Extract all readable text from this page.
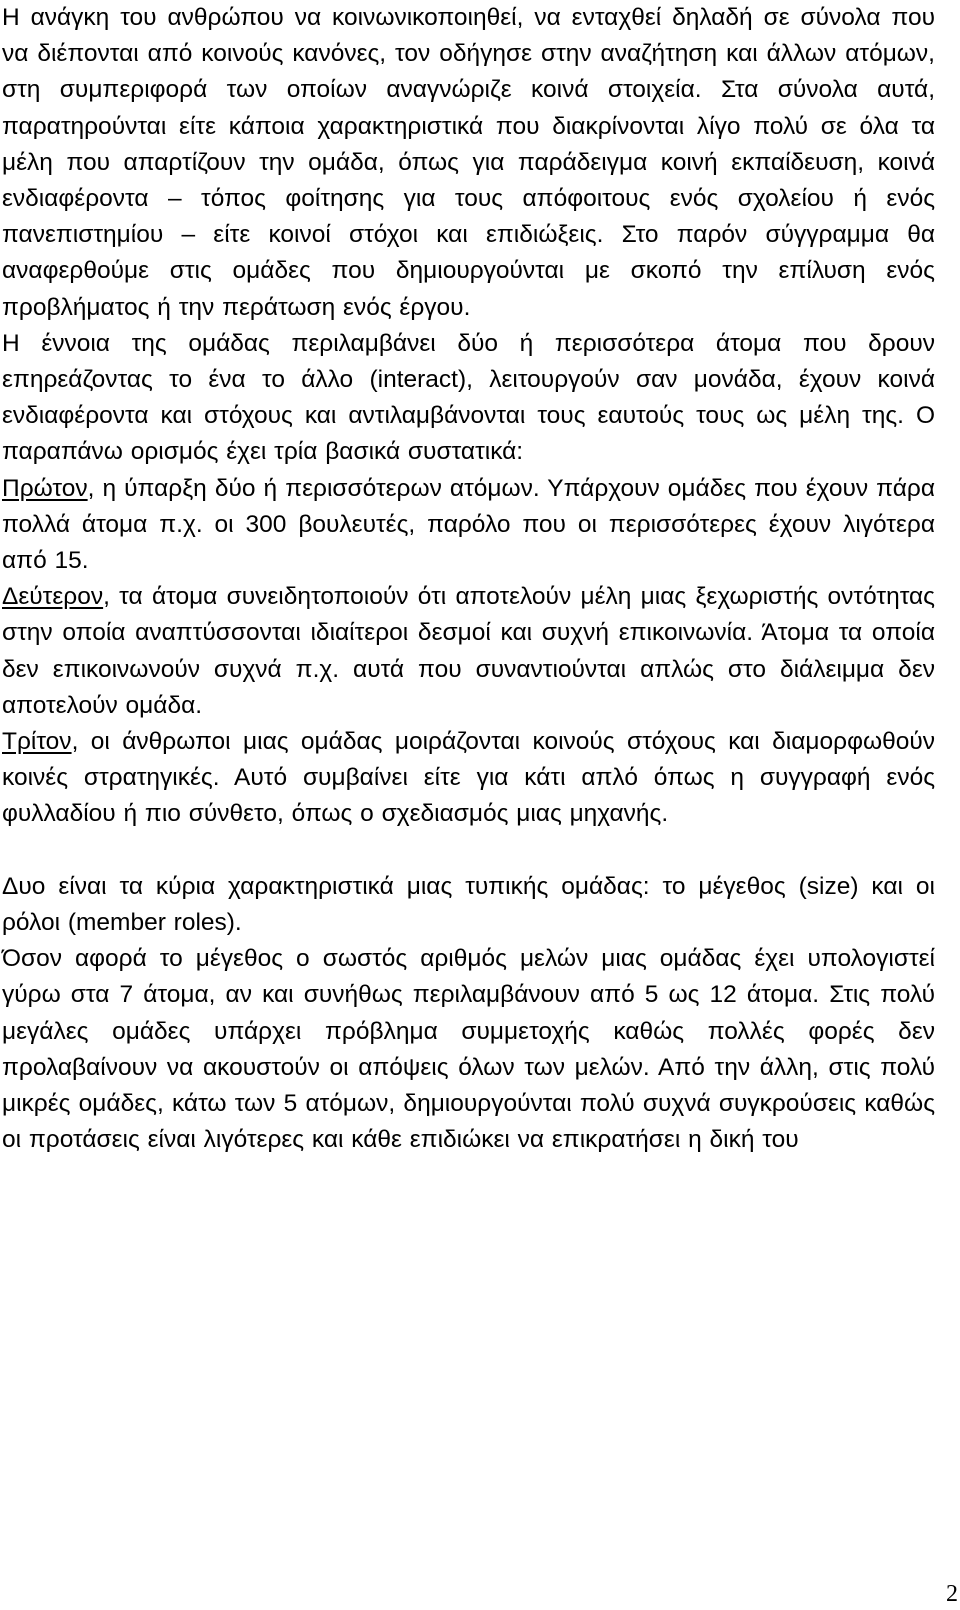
Η ανάγκη του ανθρώπου να κοινωνικοποιηθεί, να ενταχθεί δηλαδή σε σύνολα που να διέπονται από κοινούς κανόνες, τον οδήγησε στην αναζήτηση και άλλων ατόμων, στη συμπεριφορά των οποίων αναγνώριζε κοινά στοιχεία. Στα σύνολα αυτά, παρατηρούνται είτε κάποια χαρακτηριστικά που διακρίνονται λίγο πολύ σε όλα τα μέλη που απαρτίζουν την ομάδα, όπως για παράδειγμα κοινή εκπαίδευση, κοινά ενδιαφέροντα – τόπος φοίτησης για τους απόφοιτους ενός σχολείου ή ενός πανεπιστημίου – είτε κοινοί στόχοι και επιδιώξεις. Στο παρόν σύγγραμμα θα αναφερθούμε στις ομάδες που δημιουργούνται με σκοπό την επίλυση ενός προβλήματος ή την περάτωση ενός έργου.

Η έννοια της ομάδας περιλαμβάνει δύο ή περισσότερα άτομα που δρουν επηρεάζοντας το ένα το άλλο (interact), λειτουργούν σαν μονάδα, έχουν κοινά ενδιαφέροντα και στόχους και αντιλαμβάνονται τους εαυτούς τους ως μέλη της. Ο παραπάνω ορισμός έχει τρία βασικά συστατικά:

Πρώτον, η ύπαρξη δύο ή περισσότερων ατόμων. Υπάρχουν ομάδες που έχουν πάρα πολλά άτομα π.χ. οι 300 βουλευτές, παρόλο που οι περισσότερες έχουν λιγότερα από 15.

Δεύτερον, τα άτομα συνειδητοποιούν ότι αποτελούν μέλη μιας ξεχωριστής οντότητας στην οποία αναπτύσσονται ιδιαίτεροι δεσμοί και συχνή επικοινωνία. Άτομα τα οποία δεν επικοινωνούν συχνά π.χ. αυτά που συναντιούνται απλώς στο διάλειμμα δεν αποτελούν ομάδα.

Τρίτον, οι άνθρωποι μιας ομάδας μοιράζονται κοινούς στόχους και διαμορφωθούν κοινές στρατηγικές. Αυτό συμβαίνει είτε για κάτι απλό όπως η συγγραφή ενός φυλλαδίου ή πιο σύνθετο, όπως ο σχεδιασμός μιας μηχανής.

Δυο είναι τα κύρια χαρακτηριστικά μιας τυπικής ομάδας: το μέγεθος (size) και οι ρόλοι (member roles).

Όσον αφορά το μέγεθος ο σωστός αριθμός μελών μιας ομάδας έχει υπολογιστεί γύρω στα 7 άτομα, αν και συνήθως περιλαμβάνουν από 5 ως 12 άτομα. Στις πολύ μεγάλες ομάδες υπάρχει πρόβλημα συμμετοχής καθώς πολλές φορές δεν προλαβαίνουν να ακουστούν οι απόψεις όλων των μελών. Από την άλλη, στις πολύ μικρές ομάδες, κάτω των 5 ατόμων, δημιουργούνται πολύ συχνά συγκρούσεις καθώς οι προτάσεις είναι λιγότερες και κάθε επιδιώκει να επικρατήσει η δική του

2
